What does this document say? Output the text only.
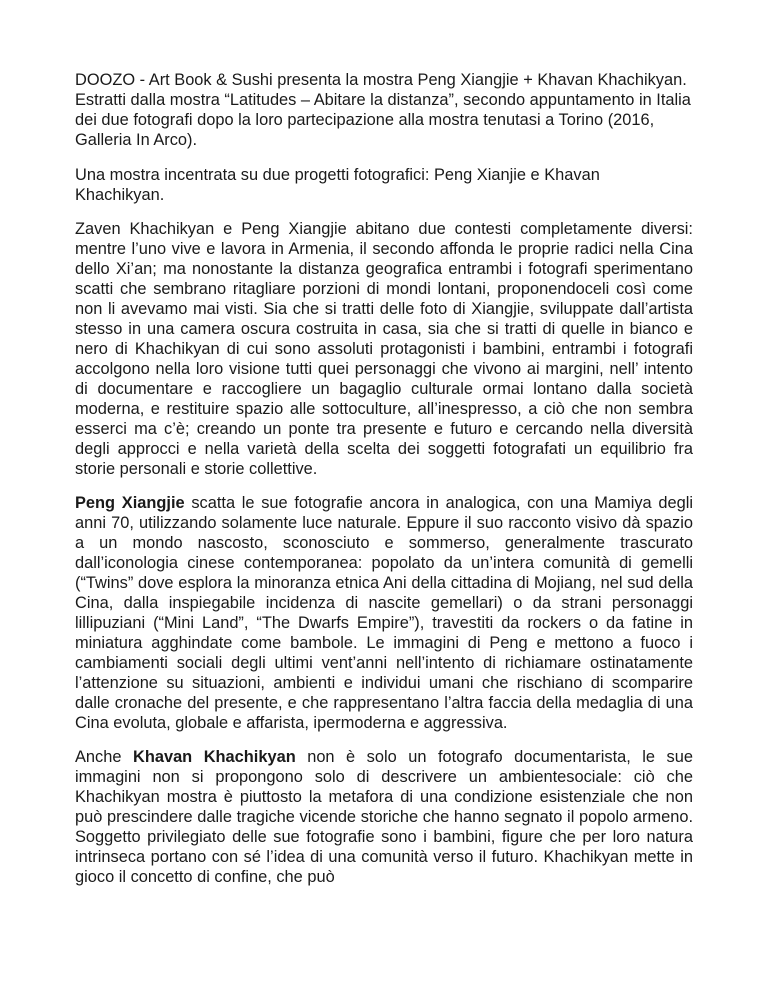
DOOZO - Art Book & Sushi presenta la mostra Peng Xiangjie + Khavan Khachikyan. Estratti dalla mostra “Latitudes – Abitare la distanza”, secondo appuntamento in Italia dei due fotografi dopo la loro partecipazione alla mostra tenutasi a Torino (2016, Galleria In Arco).

Una mostra incentrata su due progetti fotografici: Peng Xianjie e Khavan Khachikyan.

Zaven Khachikyan e Peng Xiangjie abitano due contesti completamente diversi: mentre l’uno vive e lavora in Armenia, il secondo affonda le proprie radici nella Cina dello Xi’an; ma nonostante la distanza geografica entrambi i fotografi sperimentano scatti che sembrano ritagliare porzioni di mondi lontani, proponendoceli così come non li avevamo mai visti. Sia che si tratti delle foto di Xiangjie, sviluppate dall’artista stesso in una camera oscura costruita in casa, sia che si tratti di quelle in bianco e nero di Khachikyan di cui sono assoluti protagonisti i bambini, entrambi i fotografi accolgono nella loro visione tutti quei personaggi che vivono ai margini, nell’ intento di documentare e raccogliere un bagaglio culturale ormai lontano dalla società moderna, e restituire spazio alle sottoculture, all’inespresso, a ciò che non sembra esserci ma c’è; creando un ponte tra presente e futuro e cercando nella diversità degli approcci e nella varietà della scelta dei soggetti fotografati un equilibrio fra storie personali e storie collettive.

Peng Xiangjie scatta le sue fotografie ancora in analogica, con una Mamiya degli anni 70, utilizzando solamente luce naturale. Eppure il suo racconto visivo dà spazio a un mondo nascosto, sconosciuto e sommerso, generalmente trascurato dall’iconologia cinese contemporanea: popolato da un’intera comunità di gemelli (“Twins” dove esplora la minoranza etnica Ani della cittadina di Mojiang, nel sud della Cina, dalla inspiegabile incidenza di nascite gemellari) o da strani personaggi lillipuziani (“Mini Land”, “The Dwarfs Empire”), travestiti da rockers o da fatine in miniatura agghindate come bambole. Le immagini di Peng e mettono a fuoco i cambiamenti sociali degli ultimi vent’anni nell’intento di richiamare ostinatamente l’attenzione su situazioni, ambienti e individui umani che rischiano di scomparire dalle cronache del presente, e che rappresentano l’altra faccia della medaglia di una Cina evoluta, globale e affarista, ipermoderna e aggressiva.

Anche Khavan Khachikyan non è solo un fotografo documentarista, le sue immagini non si propongono solo di descrivere un ambientesociale: ciò che Khachikyan mostra è piuttosto la metafora di una condizione esistenziale che non può prescindere dalle tragiche vicende storiche che hanno segnato il popolo armeno. Soggetto privilegiato delle sue fotografie sono i bambini, figure che per loro natura intrinseca portano con sé l’idea di una comunità verso il futuro. Khachikyan mette in gioco il concetto di confine, che può
